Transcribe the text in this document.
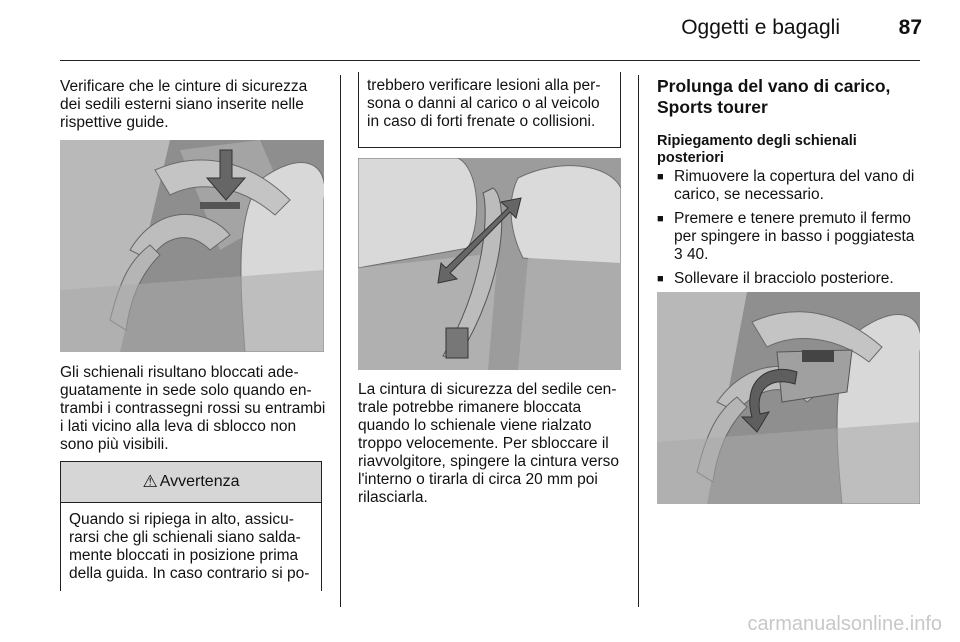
Oggetti e bagagli	87

Verificare che le cinture di sicurezza dei sedili esterni siano inserite nelle rispettive guide.

Gli schienali risultano bloccati adeguatamente in sede solo quando entrambi i contrassegni rossi su entrambi i lati vicino alla leva di sblocco non sono più visibili.

⚠ Avvertenza

Quando si ripiega in alto, assicurarsi che gli schienali siano saldamente bloccati in posizione prima della guida. In caso contrario si po-

trebbero verificare lesioni alla persona o danni al carico o al veicolo in caso di forti frenate o collisioni.

La cintura di sicurezza del sedile centrale potrebbe rimanere bloccata quando lo schienale viene rialzato troppo velocemente. Per sbloccare il riavvolgitore, spingere la cintura verso l'interno o tirarla di circa 20 mm poi rilasciarla.

Prolunga del vano di carico, Sports tourer
Ripiegamento degli schienali posteriori
■ Rimuovere la copertura del vano di carico, se necessario.
■ Premere e tenere premuto il fermo per spingere in basso i poggiatesta
3 40.
■ Sollevare il bracciolo posteriore.
carmanualsonline.info
